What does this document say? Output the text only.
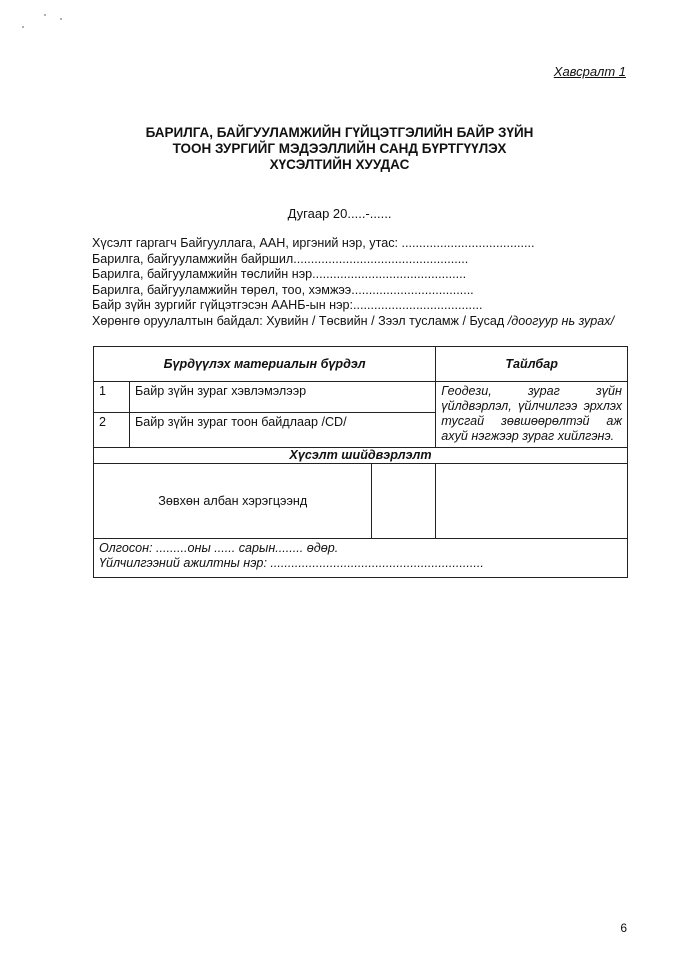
Хавсралт 1
БАРИЛГА, БАЙГУУЛАМЖИЙН ГҮЙЦЭТГЭЛИЙН БАЙР ЗҮЙН
ТООН ЗУРГИЙГ МЭДЭЭЛЛИЙН САНД БҮРТГҮҮЛЭХ
ХҮСЭЛТИЙН ХУУДАС
Дугаар 20.....-......
Хүсэлт гаргагч Байгууллага, ААН, иргэний нэр, утас: ......................................
Барилга, байгууламжийн байршил..................................................
Барилга, байгууламжийн төслийн нэр............................................
Барилга, байгууламжийн төрөл, тоо, хэмжээ...................................
Байр зүйн зургийг гүйцэтгэсэн ААНБ-ын нэр:.....................................
Хөрөнгө оруулалтын байдал: Хувийн / Төсвийн / Зээл тусламж / Бусад /доогуур нь зурах/
Бүрдүүлэх материалын бүрдэл			Тайлбар
1	Байр зүйн зураг хэвлэмэлээр		Геодези, зураг зүйн үйлдвэрлэл, үйлчилгээ эрхлэх тусгай зөвшөөрөлтэй аж ахуй нэгжээр зураг хийлгэнэ.
2	Байр зүйн зураг тоон байдлаар /CD/		
Хүсэлт шийдвэрлэлт			
Зөвхөн албан хэрэгцээнд			

Олгосон: .........оны ...... сарын........ өдөр.
Үйлчилгээний ажилтны нэр: .............................................................			
6
